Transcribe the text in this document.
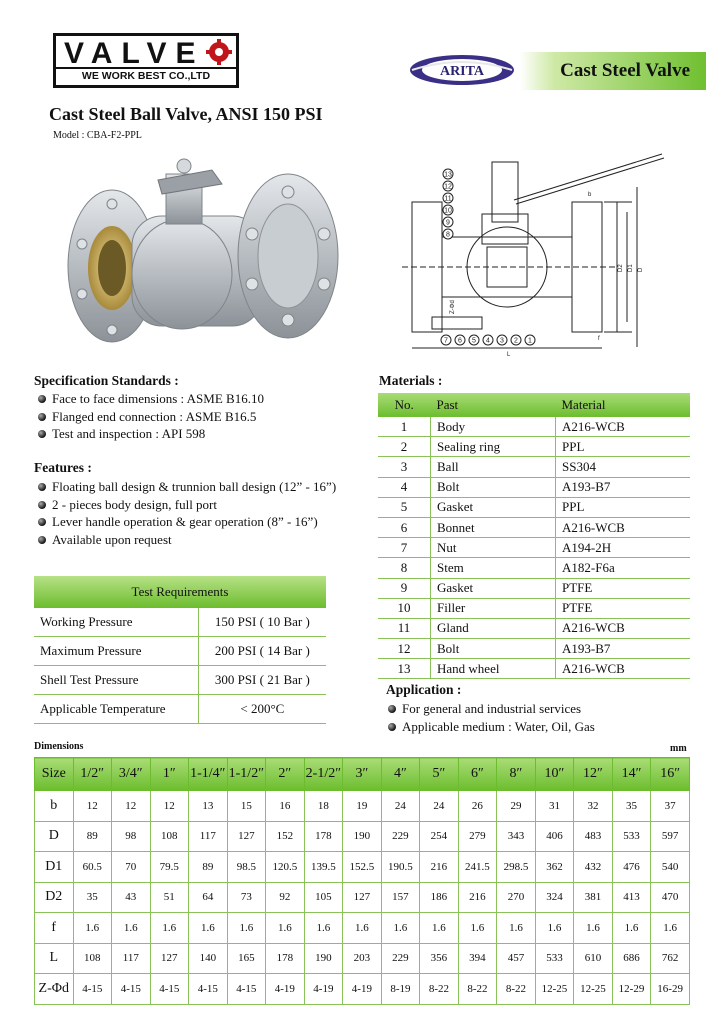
VALVE
WE WORK BEST CO.,LTD	ARITA	Cast Steel Valve
Cast Steel Ball Valve, ANSI 150 PSI
Model : CBA-F2-PPL
13
12
11
10
9
8
7 6 5 4 3 2 1
L
D
D1
D2
b
f
Z-Φd
Specification Standards :
Face to face dimensions : ASME B16.10
Flanged end connection : ASME B16.5
Test and inspection : API 598
Features :
Floating ball design & trunnion ball design (12” - 16”)
2 - pieces body design, full port
Lever handle operation & gear operation (8” - 16”)
Available upon request
Test Requirements	
Working Pressure	150 PSI ( 10 Bar )
Maximum Pressure	200 PSI ( 14 Bar )
Shell Test Pressure	300 PSI ( 21 Bar )
Applicable Temperature	< 200°C
Materials :
No.	Past	Material
1	Body	A216-WCB
2	Sealing ring	PPL
3	Ball	SS304
4	Bolt	A193-B7
5	Gasket	PPL
6	Bonnet	A216-WCB
7	Nut	A194-2H
8	Stem	A182-F6a
9	Gasket	PTFE
10	Filler	PTFE
11	Gland	A216-WCB
12	Bolt	A193-B7
13	Hand wheel	A216-WCB
Application :
For general and industrial services
Applicable medium : Water, Oil, Gas
Dimensions	mm
Size	1/2″	3/4″	1″	1-1/4″	1-1/2″	2″	2-1/2″	3″	4″	5″	6″	8″	10″	12″	14″	16″
b	12	12	12	13	15	16	18	19	24	24	26	29	31	32	35	37
D	89	98	108	117	127	152	178	190	229	254	279	343	406	483	533	597
D1	60.5	70	79.5	89	98.5	120.5	139.5	152.5	190.5	216	241.5	298.5	362	432	476	540
D2	35	43	51	64	73	92	105	127	157	186	216	270	324	381	413	470
f	1.6	1.6	1.6	1.6	1.6	1.6	1.6	1.6	1.6	1.6	1.6	1.6	1.6	1.6	1.6	1.6
L	108	117	127	140	165	178	190	203	229	356	394	457	533	610	686	762
Z-Φd	4-15	4-15	4-15	4-15	4-15	4-19	4-19	4-19	8-19	8-22	8-22	8-22	12-25	12-25	12-29	16-29
